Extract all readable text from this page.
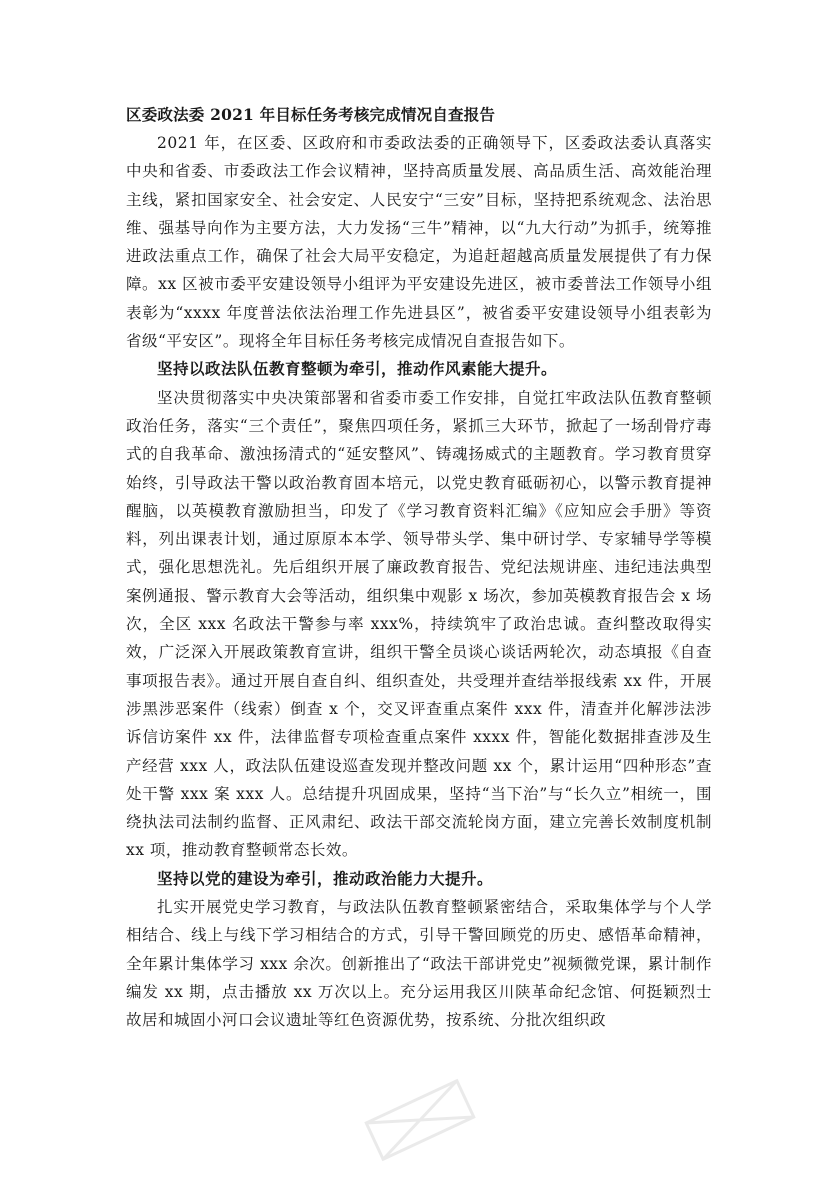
区委政法委 2021 年目标任务考核完成情况自查报告

2021 年，在区委、区政府和市委政法委的正确领导下，区委政法委认真落实中央和省委、市委政法工作会议精神，坚持高质量发展、高品质生活、高效能治理主线，紧扣国家安全、社会安定、人民安宁“三安”目标，坚持把系统观念、法治思维、强基导向作为主要方法，大力发扬“三牛”精神，以“九大行动”为抓手，统筹推进政法重点工作，确保了社会大局平安稳定，为追赶超越高质量发展提供了有力保障。xx 区被市委平安建设领导小组评为平安建设先进区，被市委普法工作领导小组表彰为“xxxx 年度普法依法治理工作先进县区”，被省委平安建设领导小组表彰为省级“平安区”。现将全年目标任务考核完成情况自查报告如下。

坚持以政法队伍教育整顿为牵引，推动作风素能大提升。

坚决贯彻落实中央决策部署和省委市委工作安排，自觉扛牢政法队伍教育整顿政治任务，落实“三个责任”，聚焦四项任务，紧抓三大环节，掀起了一场刮骨疗毒式的自我革命、激浊扬清式的“延安整风”、铸魂扬威式的主题教育。学习教育贯穿始终，引导政法干警以政治教育固本培元，以党史教育砥砺初心，以警示教育提神醒脑，以英模教育激励担当，印发了《学习教育资料汇编》《应知应会手册》等资料，列出课表计划，通过原原本本学、领导带头学、集中研讨学、专家辅导学等模式，强化思想洗礼。先后组织开展了廉政教育报告、党纪法规讲座、违纪违法典型案例通报、警示教育大会等活动，组织集中观影 x 场次，参加英模教育报告会 x 场次，全区 xxx 名政法干警参与率 xxx%，持续筑牢了政治忠诚。查纠整改取得实效，广泛深入开展政策教育宣讲，组织干警全员谈心谈话两轮次，动态填报《自查事项报告表》。通过开展自查自纠、组织查处，共受理并查结举报线索 xx 件，开展涉黑涉恶案件（线索）倒查 x 个，交叉评查重点案件 xxx 件，清查并化解涉法涉诉信访案件 xx 件，法律监督专项检查重点案件 xxxx 件，智能化数据排查涉及生产经营 xxx 人，政法队伍建设巡查发现并整改问题 xx 个，累计运用“四种形态”查处干警 xxx 案 xxx 人。总结提升巩固成果，坚持“当下治”与“长久立”相统一，围绕执法司法制约监督、正风肃纪、政法干部交流轮岗方面，建立完善长效制度机制 xx 项，推动教育整顿常态长效。

坚持以党的建设为牵引，推动政治能力大提升。

扎实开展党史学习教育，与政法队伍教育整顿紧密结合，采取集体学与个人学相结合、线上与线下学习相结合的方式，引导干警回顾党的历史、感悟革命精神，全年累计集体学习 xxx 余次。创新推出了“政法干部讲党史”视频微党课，累计制作编发 xx 期，点击播放 xx 万次以上。充分运用我区川陕革命纪念馆、何挺颖烈士故居和城固小河口会议遗址等红色资源优势，按系统、分批次组织政
